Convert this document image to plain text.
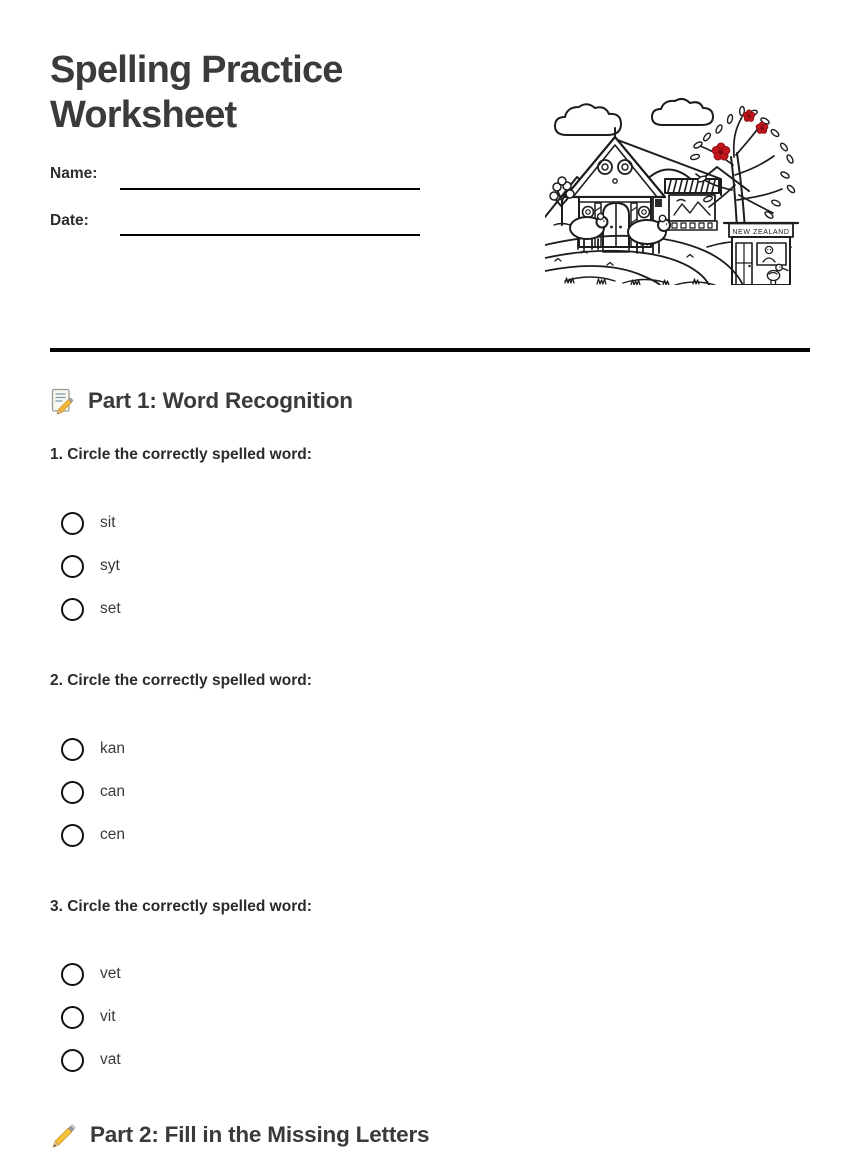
Spelling Practice Worksheet
Name:
Date:
NEW ZEALAND
Part 1: Word Recognition
1. Circle the correctly spelled word:
sit
syt
set
2. Circle the correctly spelled word:
kan
can
cen
3. Circle the correctly spelled word:
vet
vit
vat
Part 2: Fill in the Missing Letters
